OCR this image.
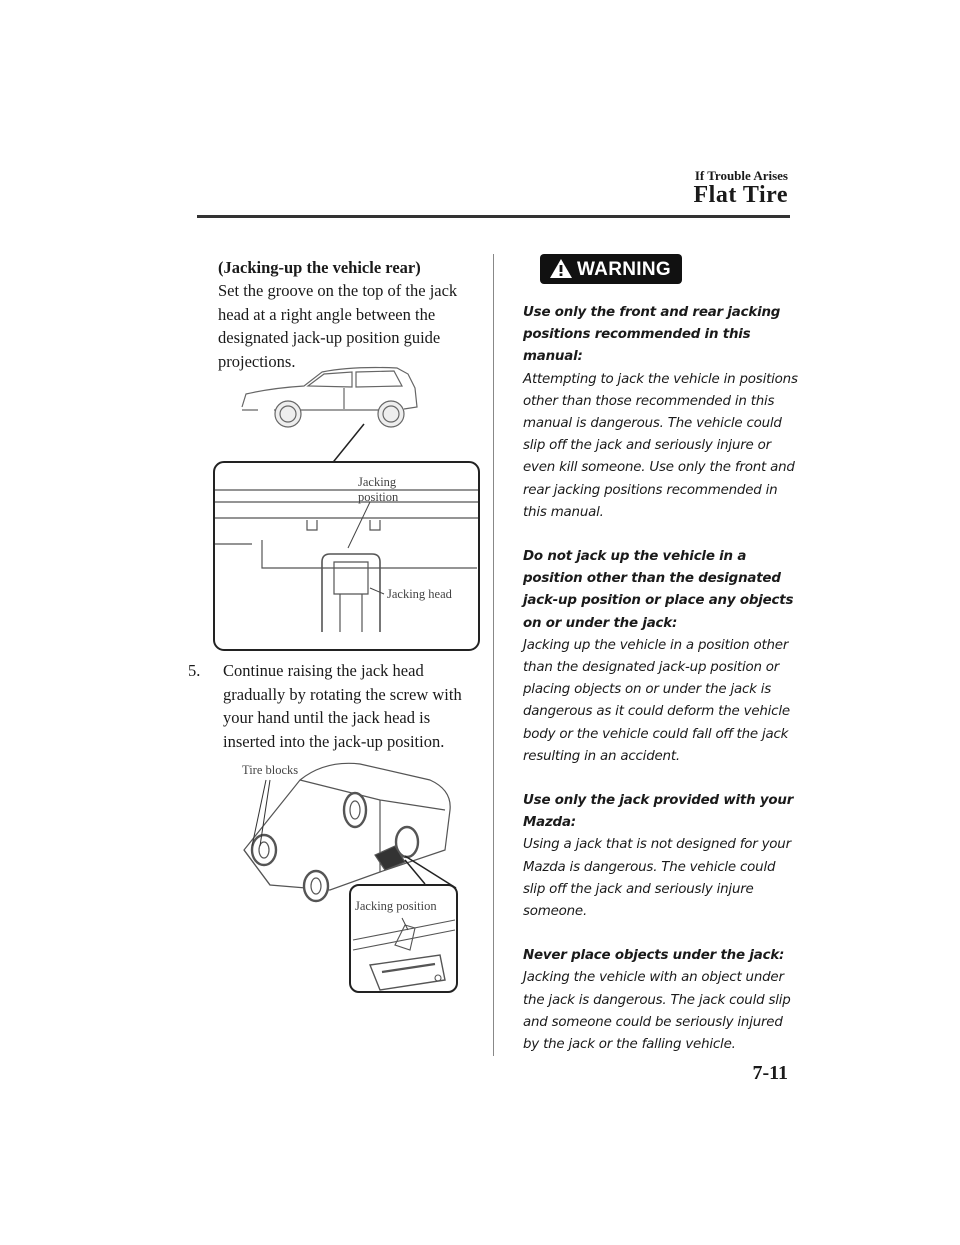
If Trouble Arises
Flat Tire
(Jacking-up the vehicle rear)
Set the groove on the top of the jack head at a right angle between the designated jack-up position guide projections.
Jacking
position
Jacking head
5. Continue raising the jack head gradually by rotating the screw with your hand until the jack head is inserted into the jack-up position.
Tire blocks
Jacking position
WARNING
Use only the front and rear jacking positions recommended in this manual:
Attempting to jack the vehicle in positions other than those recommended in this manual is dangerous. The vehicle could slip off the jack and seriously injure or even kill someone. Use only the front and rear jacking positions recommended in this manual.
Do not jack up the vehicle in a position other than the designated jack-up position or place any objects on or under the jack:
Jacking up the vehicle in a position other than the designated jack-up position or placing objects on or under the jack is dangerous as it could deform the vehicle body or the vehicle could fall off the jack resulting in an accident.
Use only the jack provided with your Mazda:
Using a jack that is not designed for your Mazda is dangerous. The vehicle could slip off the jack and seriously injure someone.
Never place objects under the jack:
Jacking the vehicle with an object under the jack is dangerous. The jack could slip and someone could be seriously injured by the jack or the falling vehicle.
7-11
